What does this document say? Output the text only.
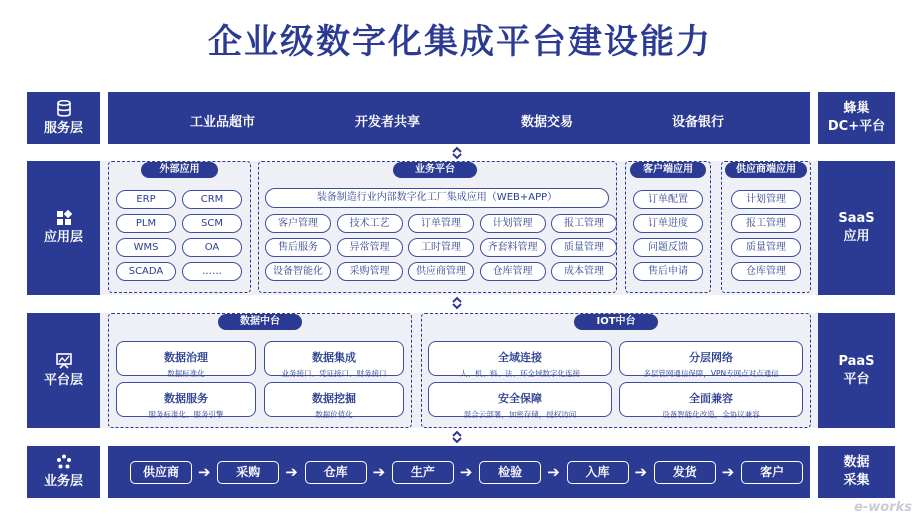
企业级数字化集成平台建设能力
服务层	工业品超市	开发者共享	数据交易	设备银行
蜂巢
DC+平台
应用层
外部应用
ERP	CRM
PLM	SCM
WMS	OA
SCADA	……
业务平台
装备制造行业内部数字化工厂集成应用（WEB+APP）
客户管理	技术工艺	订单管理	计划管理	报工管理
售后服务	异常管理	工时管理	齐套料管理	质量管理
设备智能化	采购管理	供应商管理	仓库管理	成本管理
客户端应用
订单配置
订单进度
问题反馈
售后申请
供应商端应用
计划管理
报工管理
质量管理
仓库管理
SaaS
应用
平台层
数据中台
数据治理
数据标准化
数据集成
业务接口、凭证接口、财务接口
数据服务
服务标准化、服务引擎
数据挖掘
数据价值化
IOT中台
全域连接
人、机、料、法、环全域数字化连接
分层网络
多层管网通信保障，VPN专网点对点通信
安全保障
混合云部署，加密存储，授权访问
全面兼容
设备智能化改造，全协议兼容
PaaS
平台
业务层
供应商	➔	采购	➔	仓库	➔	生产	➔	检验	➔	入库	➔	发货	➔	客户
数据
采集
e-works
